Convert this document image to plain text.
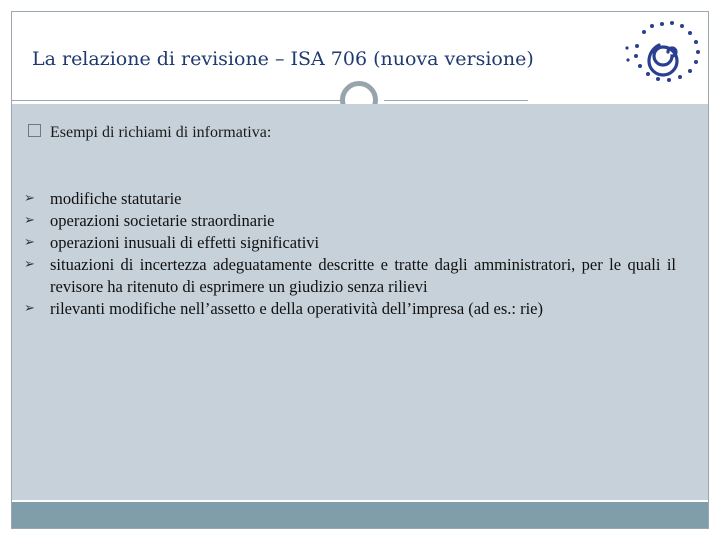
La relazione di revisione – ISA 706 (nuova versione)
Esempi di richiami di informativa:
➢ modifiche statutarie
➢ operazioni societarie straordinarie
➢ operazioni inusuali di effetti significativi
➢ situazioni di incertezza adeguatamente descritte e tratte dagli amministratori, per le quali il revisore ha ritenuto di esprimere un giudizio senza rilievi
➢ rilevanti modifiche nell’assetto e della operatività dell’impresa (ad es.: rie)
